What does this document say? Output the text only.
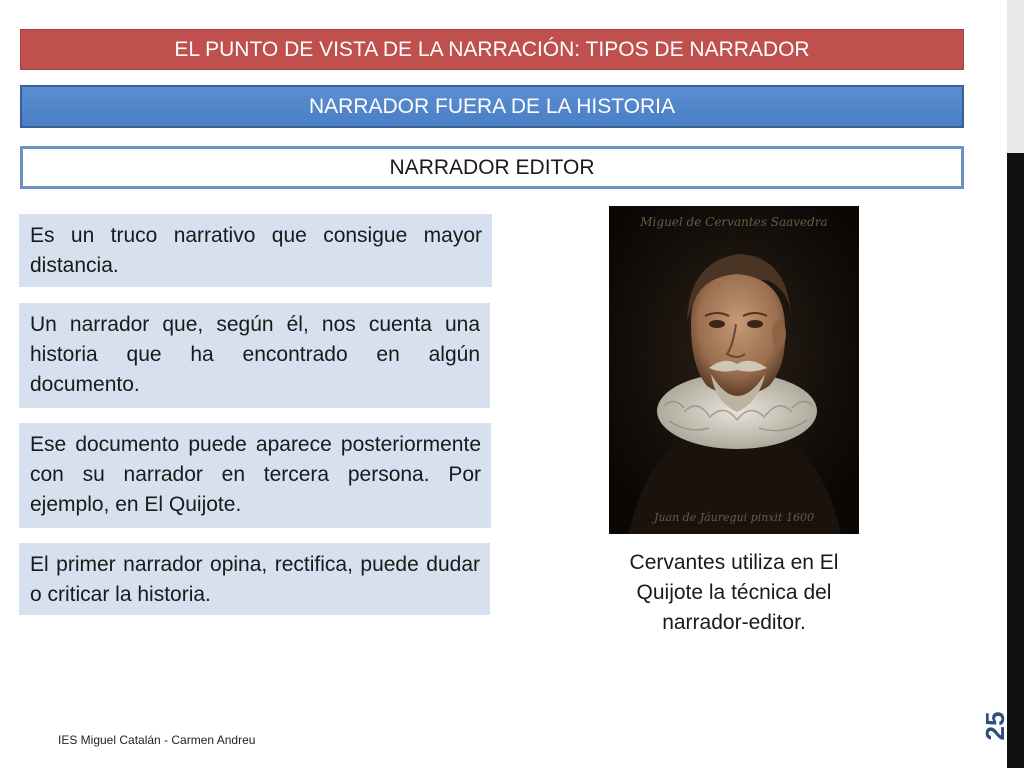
EL PUNTO DE VISTA DE LA NARRACIÓN: TIPOS DE NARRADOR
NARRADOR FUERA DE LA HISTORIA
NARRADOR EDITOR
Es un truco narrativo que consigue mayor distancia.
Un narrador que, según él, nos cuenta una historia que ha encontrado en algún documento.
Ese documento puede aparece posteriormente con su narrador en tercera persona. Por ejemplo, en El Quijote.
El primer narrador opina, rectifica, puede dudar o criticar la historia.
Miguel de Cervantes Saavedra
Juan de Jáuregui pinxit 1600
Cervantes utiliza en El Quijote la técnica del narrador-editor.
25
IES Miguel Catalán - Carmen Andreu
